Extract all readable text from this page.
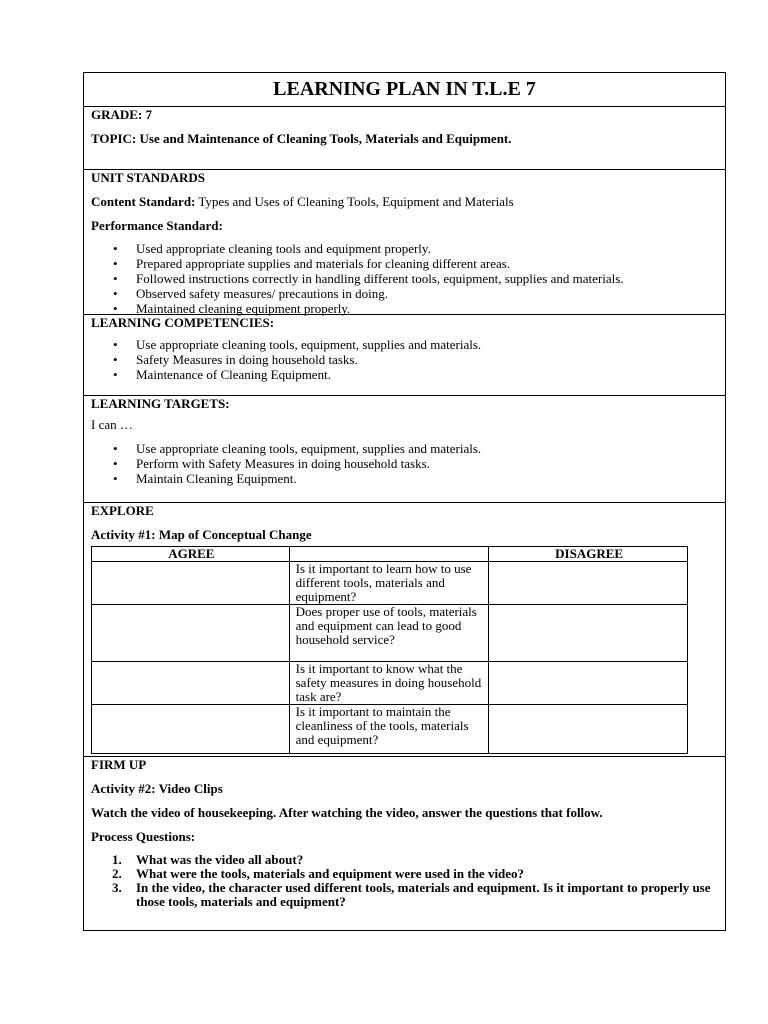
LEARNING PLAN IN T.L.E 7

GRADE: 7

TOPIC: Use and Maintenance of Cleaning Tools, Materials and Equipment.

UNIT STANDARDS

Content Standard: Types and Uses of Cleaning Tools, Equipment and Materials

Performance Standard:

• Used appropriate cleaning tools and equipment properly.
• Prepared appropriate supplies and materials for cleaning different areas.
• Followed instructions correctly in handling different tools, equipment, supplies and materials.
• Observed safety measures/ precautions in doing.
• Maintained cleaning equipment properly.

LEARNING COMPETENCIES:

• Use appropriate cleaning tools, equipment, supplies and materials.
• Safety Measures in doing household tasks.
• Maintenance of Cleaning Equipment.

LEARNING TARGETS:

I can …

• Use appropriate cleaning tools, equipment, supplies and materials.
• Perform with Safety Measures in doing household tasks.
• Maintain Cleaning Equipment.

EXPLORE

Activity #1: Map of Conceptual Change

AGREE		DISAGREE
	Is it important to learn how to use different tools, materials and equipment?	
	Does proper use of tools, materials and equipment can lead to good household service?	
	Is it important to know what the safety measures in doing household task are?	
	Is it important to maintain the cleanliness of the tools, materials and equipment?	

FIRM UP

Activity #2: Video Clips

Watch the video of housekeeping. After watching the video, answer the questions that follow.

Process Questions:

1. What was the video all about?
2. What were the tools, materials and equipment were used in the video?
3. In the video, the character used different tools, materials and equipment. Is it important to properly use those tools, materials and equipment?
